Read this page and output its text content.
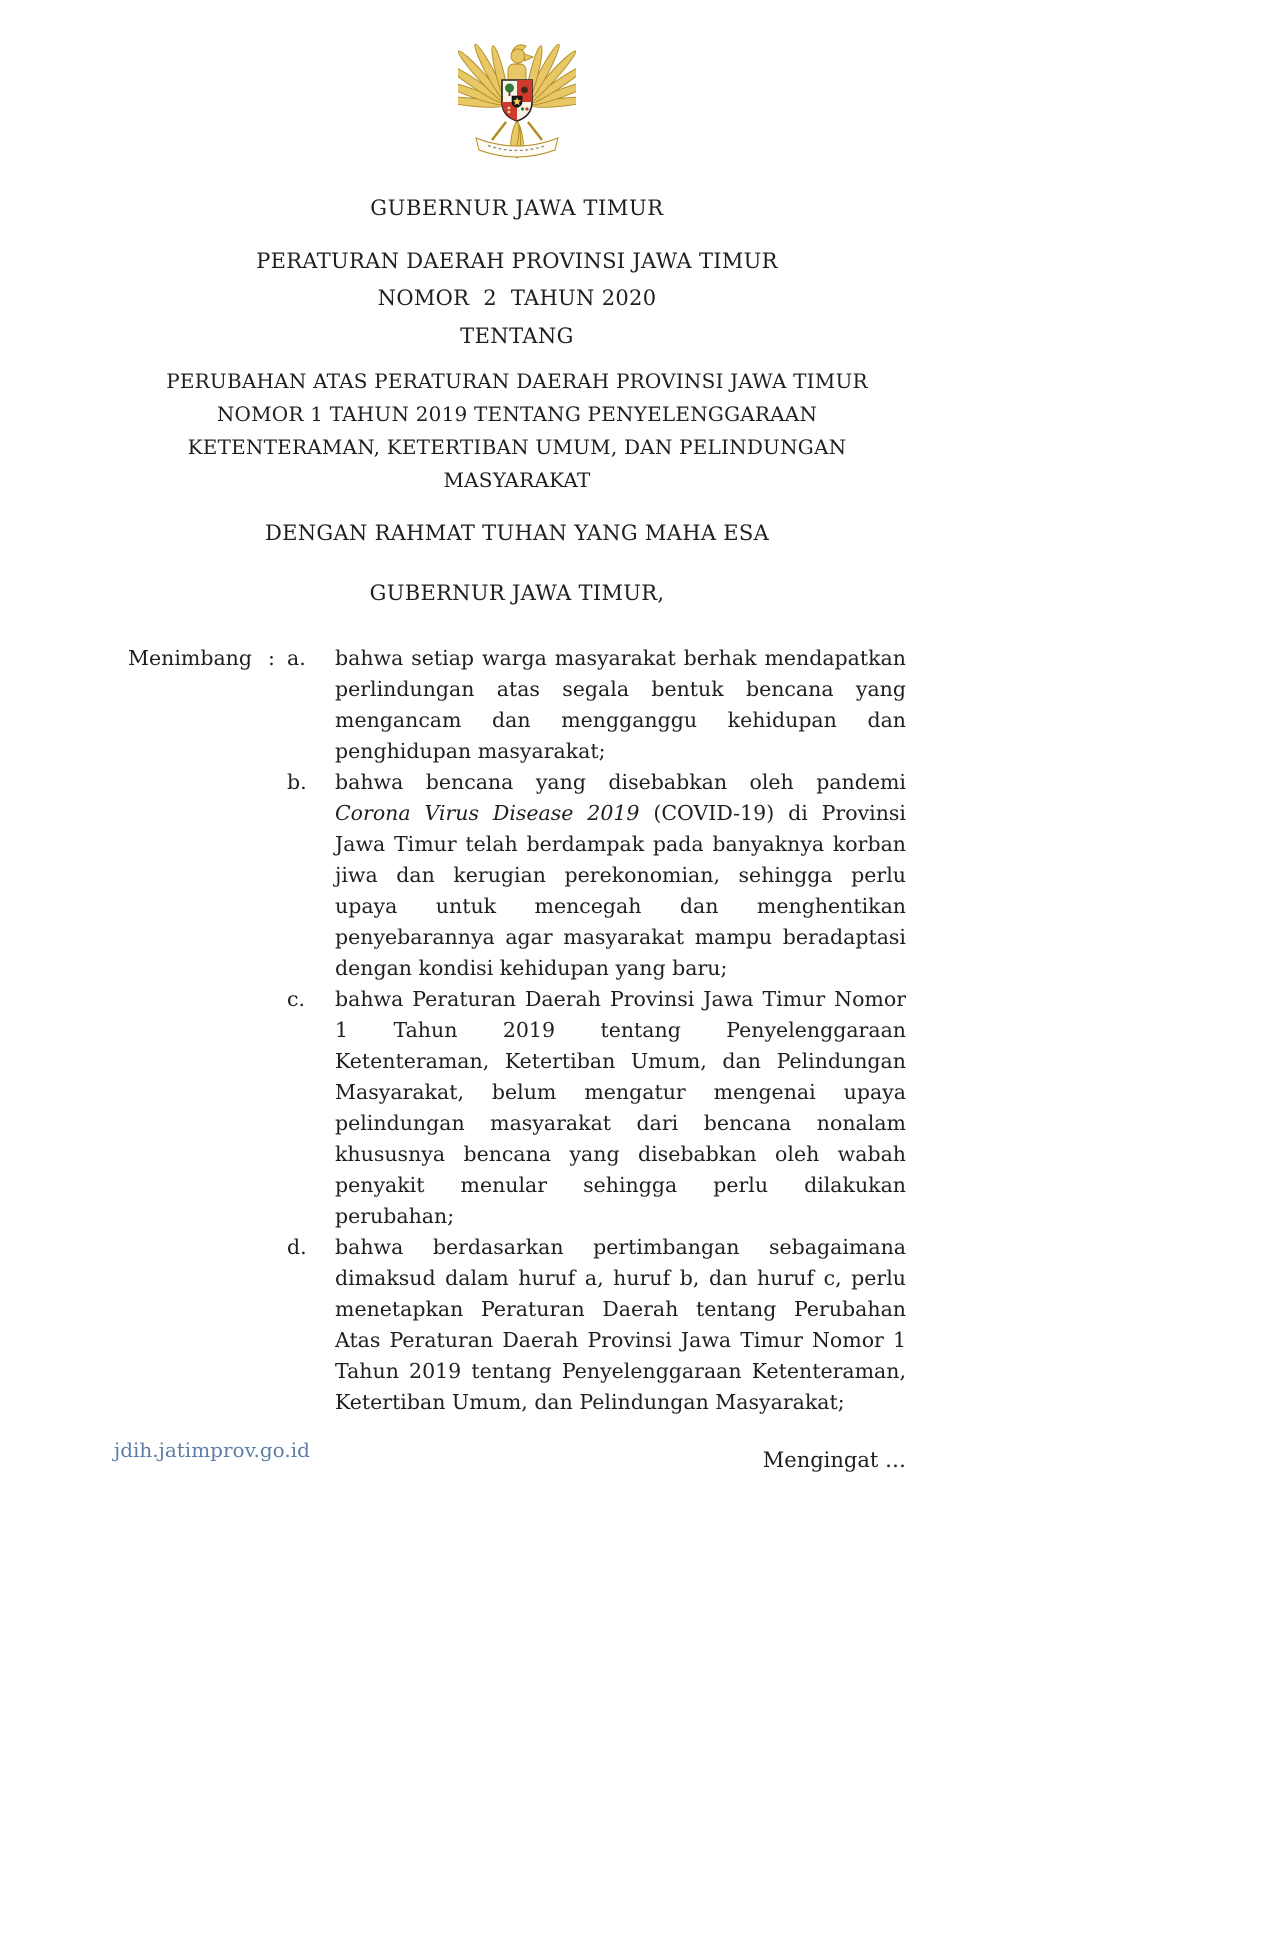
GUBERNUR JAWA TIMUR
PERATURAN DAERAH PROVINSI JAWA TIMUR
NOMOR  2  TAHUN 2020
TENTANG
PERUBAHAN ATAS PERATURAN DAERAH PROVINSI JAWA TIMUR NOMOR 1 TAHUN 2019 TENTANG PENYELENGGARAAN KETENTERAMAN, KETERTIBAN UMUM, DAN PELINDUNGAN MASYARAKAT
DENGAN RAHMAT TUHAN YANG MAHA ESA
GUBERNUR JAWA TIMUR,
Menimbang : a.	bahwa setiap warga masyarakat berhak mendapatkan perlindungan atas segala bentuk bencana yang mengancam dan mengganggu kehidupan dan penghidupan masyarakat;
b.	bahwa bencana yang disebabkan oleh pandemi Corona Virus Disease 2019 (COVID-19) di Provinsi Jawa Timur telah berdampak pada banyaknya korban jiwa dan kerugian perekonomian, sehingga perlu upaya untuk mencegah dan menghentikan penyebarannya agar masyarakat mampu beradaptasi dengan kondisi kehidupan yang baru;
c.	bahwa Peraturan Daerah Provinsi Jawa Timur Nomor 1 Tahun 2019 tentang Penyelenggaraan Ketenteraman, Ketertiban Umum, dan Pelindungan Masyarakat, belum mengatur mengenai upaya pelindungan masyarakat dari bencana nonalam khususnya bencana yang disebabkan oleh wabah penyakit menular sehingga perlu dilakukan perubahan;
d.	bahwa berdasarkan pertimbangan sebagaimana dimaksud dalam huruf a, huruf b, dan huruf c, perlu menetapkan Peraturan Daerah tentang Perubahan Atas Peraturan Daerah Provinsi Jawa Timur Nomor 1 Tahun 2019 tentang Penyelenggaraan Ketenteraman, Ketertiban Umum, dan Pelindungan Masyarakat;
Mengingat …
jdih.jatimprov.go.id
